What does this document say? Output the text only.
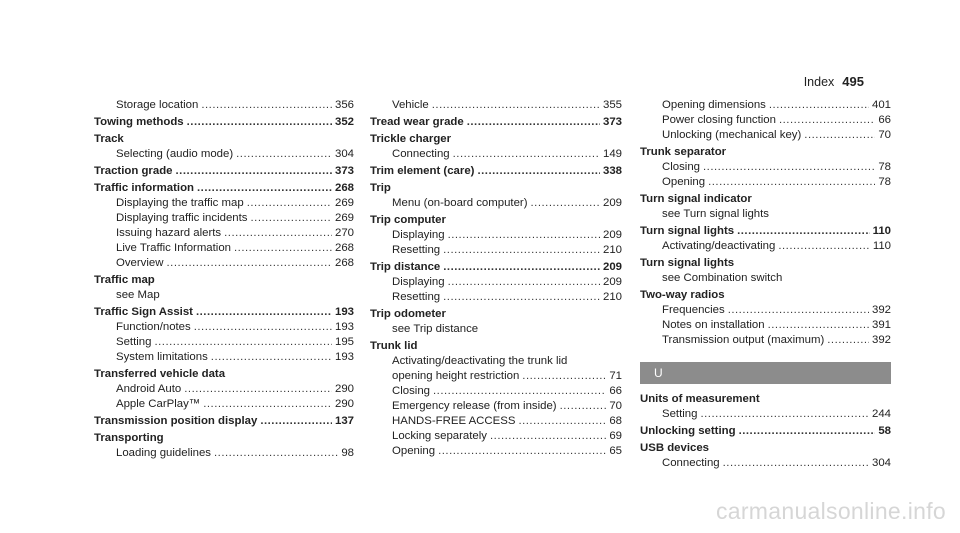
Index 495
Storage location .....	356
Towing methods .....	352
Track
Selecting (audio mode) .....	304
Traction grade .....	373
Traffic information .....	268
Displaying the traffic map .....	269
Displaying traffic incidents .....	269
Issuing hazard alerts .....	270
Live Traffic Information .....	268
Overview .....	268
Traffic map
see Map
Traffic Sign Assist .....	193
Function/notes .....	193
Setting .....	195
System limitations .....	193
Transferred vehicle data
Android Auto .....	290
Apple CarPlay™ .....	290
Transmission position display .....	137
Transporting
Loading guidelines .....	98
Vehicle .....	355
Tread wear grade .....	373
Trickle charger
Connecting .....	149
Trim element (care) .....	338
Trip
Menu (on-board computer) .....	209
Trip computer
Displaying .....	209
Resetting .....	210
Trip distance .....	209
Displaying .....	209
Resetting .....	210
Trip odometer
see Trip distance
Trunk lid
Activating/deactivating the trunk lid
opening height restriction .....	71
Closing .....	66
Emergency release (from inside) .....	70
HANDS-FREE ACCESS .....	68
Locking separately .....	69
Opening .....	65
Opening dimensions .....	401
Power closing function .....	66
Unlocking (mechanical key) .....	70
Trunk separator
Closing .....	78
Opening .....	78
Turn signal indicator
see Turn signal lights
Turn signal lights .....	110
Activating/deactivating .....	110
Turn signal lights
see Combination switch
Two-way radios
Frequencies .....	392
Notes on installation .....	391
Transmission output (maximum) .....	392
U
Units of measurement
Setting .....	244
Unlocking setting .....	58
USB devices
Connecting .....	304
carmanualsonline.info
